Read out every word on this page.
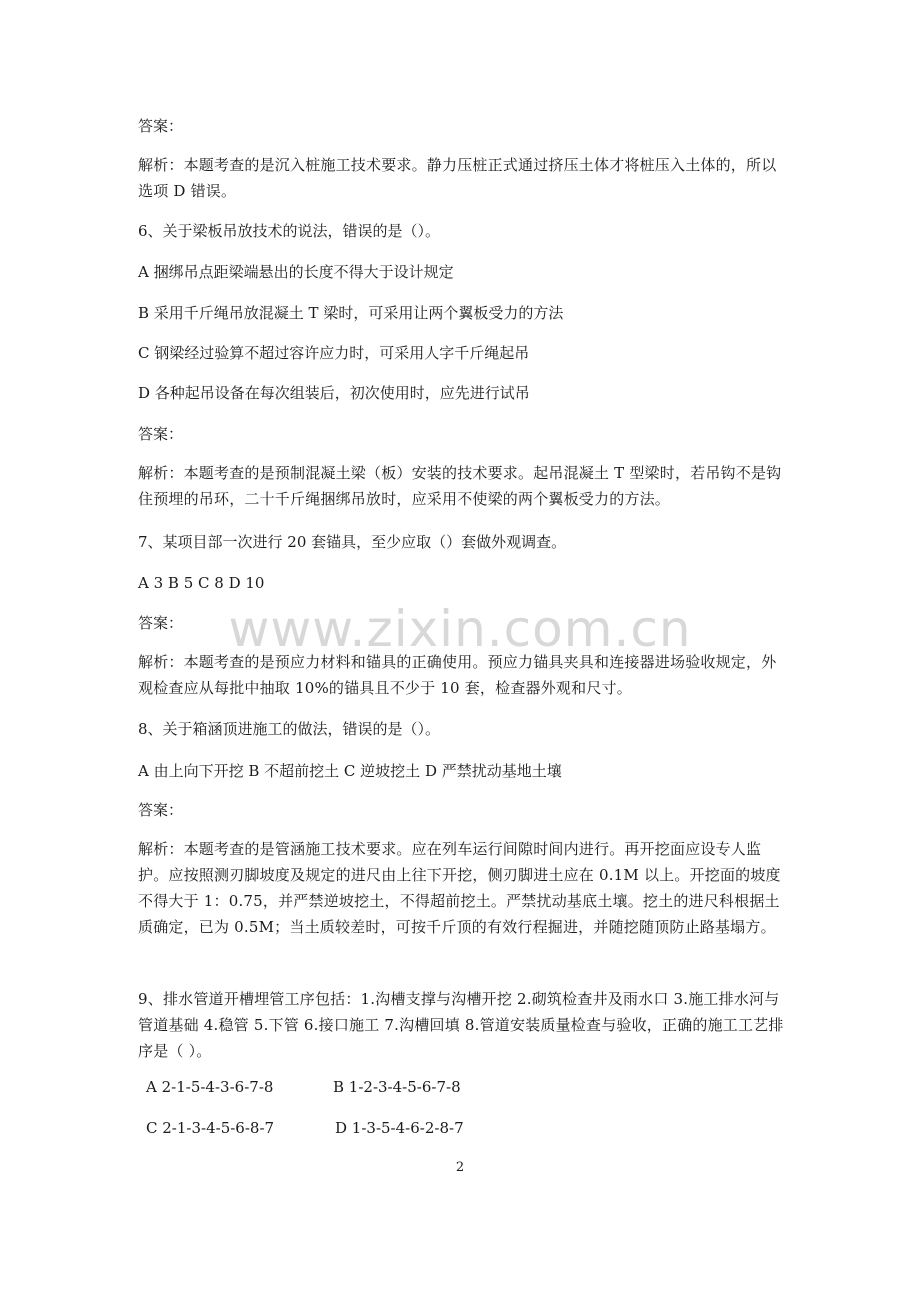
www.zixin.com.cn

答案：

解析：本题考查的是沉入桩施工技术要求。静力压桩正式通过挤压土体才将桩压入土体的，所以选项 D 错误。

6、关于梁板吊放技术的说法，错误的是（）。

A 捆绑吊点距梁端悬出的长度不得大于设计规定

B 采用千斤绳吊放混凝土 T 梁时，可采用让两个翼板受力的方法

C 钢梁经过验算不超过容许应力时，可采用人字千斤绳起吊

D 各种起吊设备在每次组装后，初次使用时，应先进行试吊

答案：

解析：本题考查的是预制混凝土梁（板）安装的技术要求。起吊混凝土 T 型梁时，若吊钩不是钩住预埋的吊环，二十千斤绳捆绑吊放时，应采用不使梁的两个翼板受力的方法。

7、某项目部一次进行 20 套锚具，至少应取（）套做外观调查。

A 3 B 5 C 8 D 10

答案：

解析：本题考查的是预应力材料和锚具的正确使用。预应力锚具夹具和连接器进场验收规定，外观检查应从每批中抽取 10%的锚具且不少于 10 套，检查器外观和尺寸。

8、关于箱涵顶进施工的做法，错误的是（）。

A 由上向下开挖 B 不超前挖土 C 逆坡挖土 D 严禁扰动基地土壤

答案：

解析：本题考查的是管涵施工技术要求。应在列车运行间隙时间内进行。再开挖面应设专人监护。应按照测刃脚坡度及规定的进尺由上往下开挖，侧刃脚进土应在 0.1M 以上。开挖面的坡度不得大于 1：0.75，并严禁逆坡挖土，不得超前挖土。严禁扰动基底土壤。挖土的进尺科根据土质确定，已为 0.5M；当土质较差时，可按千斤顶的有效行程掘进，并随挖随顶防止路基塌方。

9、排水管道开槽埋管工序包括：1.沟槽支撑与沟槽开挖 2.砌筑检查井及雨水口 3.施工排水河与管道基础 4.稳管 5.下管 6.接口施工 7.沟槽回填 8.管道安装质量检查与验收，正确的施工工艺排序是（ ）。

A 2-1-5-4-3-6-7-8	B 1-2-3-4-5-6-7-8
C 2-1-3-4-5-6-8-7	D 1-3-5-4-6-2-8-7
2
